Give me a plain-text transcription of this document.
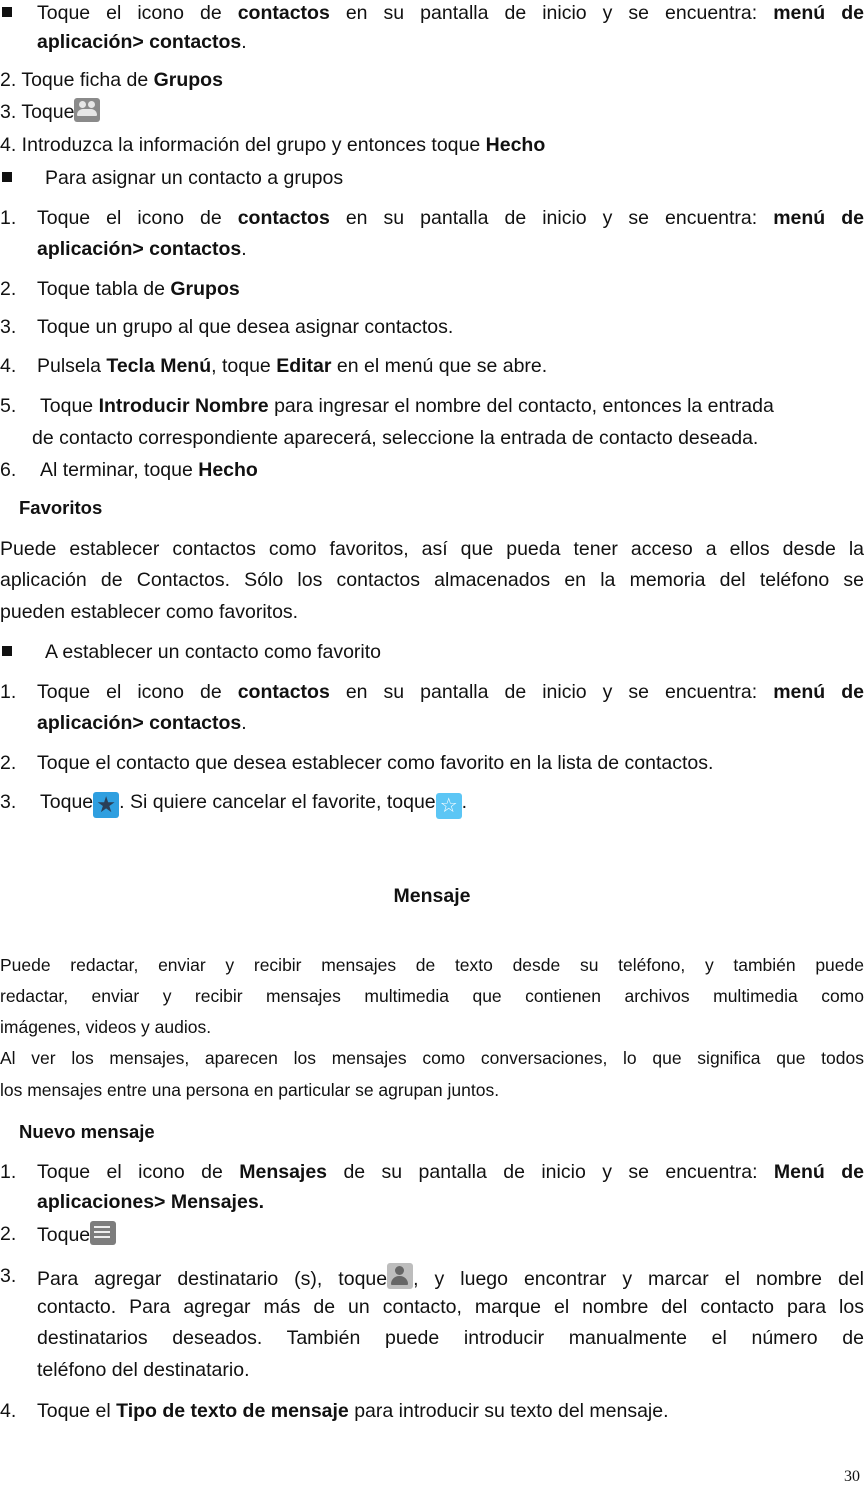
Toque el icono de contactos en su pantalla de inicio y se encuentra: menú de
aplicación> contactos.
2. Toque ficha de Grupos
3. Toque
4. Introduzca la información del grupo y entonces toque Hecho
Para asignar un contacto a grupos
1. Toque el icono de contactos en su pantalla de inicio y se encuentra: menú de
aplicación> contactos.
2. Toque tabla de Grupos
3. Toque un grupo al que desea asignar contactos.
4. Pulsela Tecla Menú, toque Editar en el menú que se abre.
5. Toque Introducir Nombre para ingresar el nombre del contacto, entonces la entrada
de contacto correspondiente aparecerá, seleccione la entrada de contacto deseada.
6. Al terminar, toque Hecho
Favoritos
Puede establecer contactos como favoritos, así que pueda tener acceso a ellos desde la
aplicación de Contactos. Sólo los contactos almacenados en la memoria del teléfono se
pueden establecer como favoritos.
A establecer un contacto como favorito
1. Toque el icono de contactos en su pantalla de inicio y se encuentra: menú de
aplicación> contactos.
2. Toque el contacto que desea establecer como favorito en la lista de contactos.
3. Toque ★ . Si quiere cancelar el favorite, toque ☆ .
Mensaje
Puede redactar, enviar y recibir mensajes de texto desde su teléfono, y también puede
redactar, enviar y recibir mensajes multimedia que contienen archivos multimedia como
imágenes, videos y audios.
Al ver los mensajes, aparecen los mensajes como conversaciones, lo que significa que todos
los mensajes entre una persona en particular se agrupan juntos.
Nuevo mensaje
1. Toque el icono de Mensajes de su pantalla de inicio y se encuentra: Menú de
aplicaciones> Mensajes.
2. Toque
3. Para agregar destinatario (s), toque , y luego encontrar y marcar el nombre del
contacto. Para agregar más de un contacto, marque el nombre del contacto para los
destinatarios deseados. También puede introducir manualmente el número de
teléfono del destinatario.
4. Toque el Tipo de texto de mensaje para introducir su texto del mensaje.
30
